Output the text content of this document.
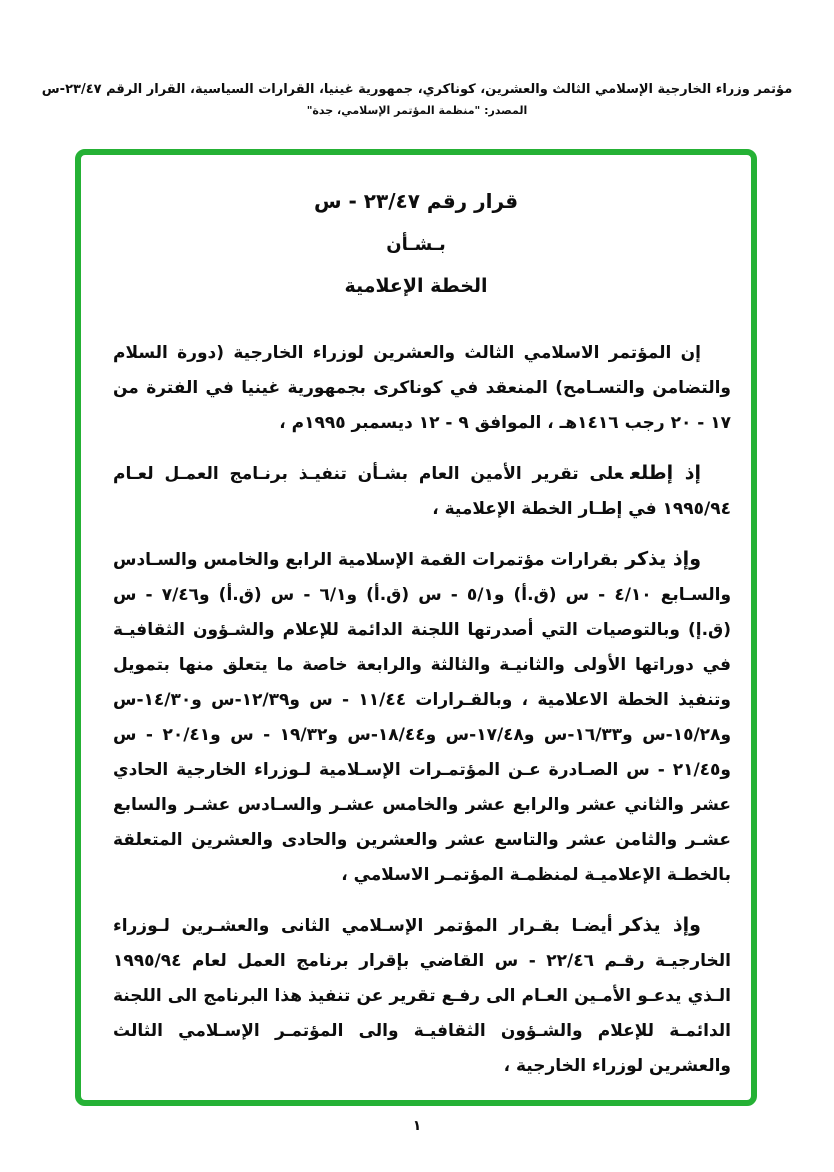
مؤتمر وزراء الخارجية الإسلامي الثالث والعشرين، كوناكري، جمهورية غينيا، القرارات السياسية، القرار الرقم ٢٣/٤٧-س
المصدر: "منظمة المؤتمر الإسلامي، جدة"
قرار رقم ٢٣/٤٧ - س
بـشـأن
الخطة الإعلامية

إن المؤتمر الاسلامي الثالث والعشرين لوزراء الخارجية (دورة السلام والتضامن والتسـامح) المنعقد في كوناكرى بجمهورية غينيا في الفترة من ١٧ - ٢٠ رجب ١٤١٦هـ ، الموافق ٩ - ١٢ ديسمبر ١٩٩٥م ،

إذ إطلععلى تقرير الأمين العام بشـأن تنفيـذ برنـامج العمـل لعـام ١٩٩٥/٩٤ في إطـار الخطة الإعلامية ،

وإذ يذكربقرارات مؤتمرات القمة الإسلامية الرابع والخامس والسـادس والسـابع ٤/١٠ - س (ق.أ) و٥/١ - س (ق.أ) و٦/١ - س (ق.أ) و٧/٤٦ - س (ق.إ) وبالتوصيات التي أصدرتها اللجنة الدائمة للإعلام والشـؤون الثقافيـة في دوراتها الأولى والثانيـة والثالثة والرابعة خاصة ما يتعلق منها بتمويل وتنفيذ الخطة الاعلامية ، وبالقـرارات ١١/٤٤ - س و١٢/٣٩-س و١٤/٣٠-س و١٥/٢٨-س و١٦/٣٣-س و١٧/٤٨-س و١٨/٤٤-س و١٩/٣٢ - س و٢٠/٤١ - س و٢١/٤٥ - س الصـادرة عـن المؤتمـرات الإسـلامية لـوزراء الخارجية الحادي عشر والثاني عشر والرابع عشر والخامس عشـر والسـادس عشـر والسابع عشـر والثامن عشر والتاسع عشر والعشرين والحادى والعشرين المتعلقة بالخطـة الإعلاميـة لمنظمـة المؤتمـر الاسلامي ،

وإذ يذكرأيضـا بقـرار المؤتمر الإسـلامي الثانى والعشـرين لـوزراء الخارجيـة رقـم ٢٢/٤٦ - س القاضي بإقرار برنامج العمل لعام ١٩٩٥/٩٤ الـذي يدعـو الأمـين العـام الى رفـع تقرير عن تنفيذ هذا البرنامج الى اللجنة الدائمـة للإعلام والشـؤون الثقافيـة والى المؤتمـر الإسـلامي الثالث والعشرين لوزراء الخارجية ،

١
